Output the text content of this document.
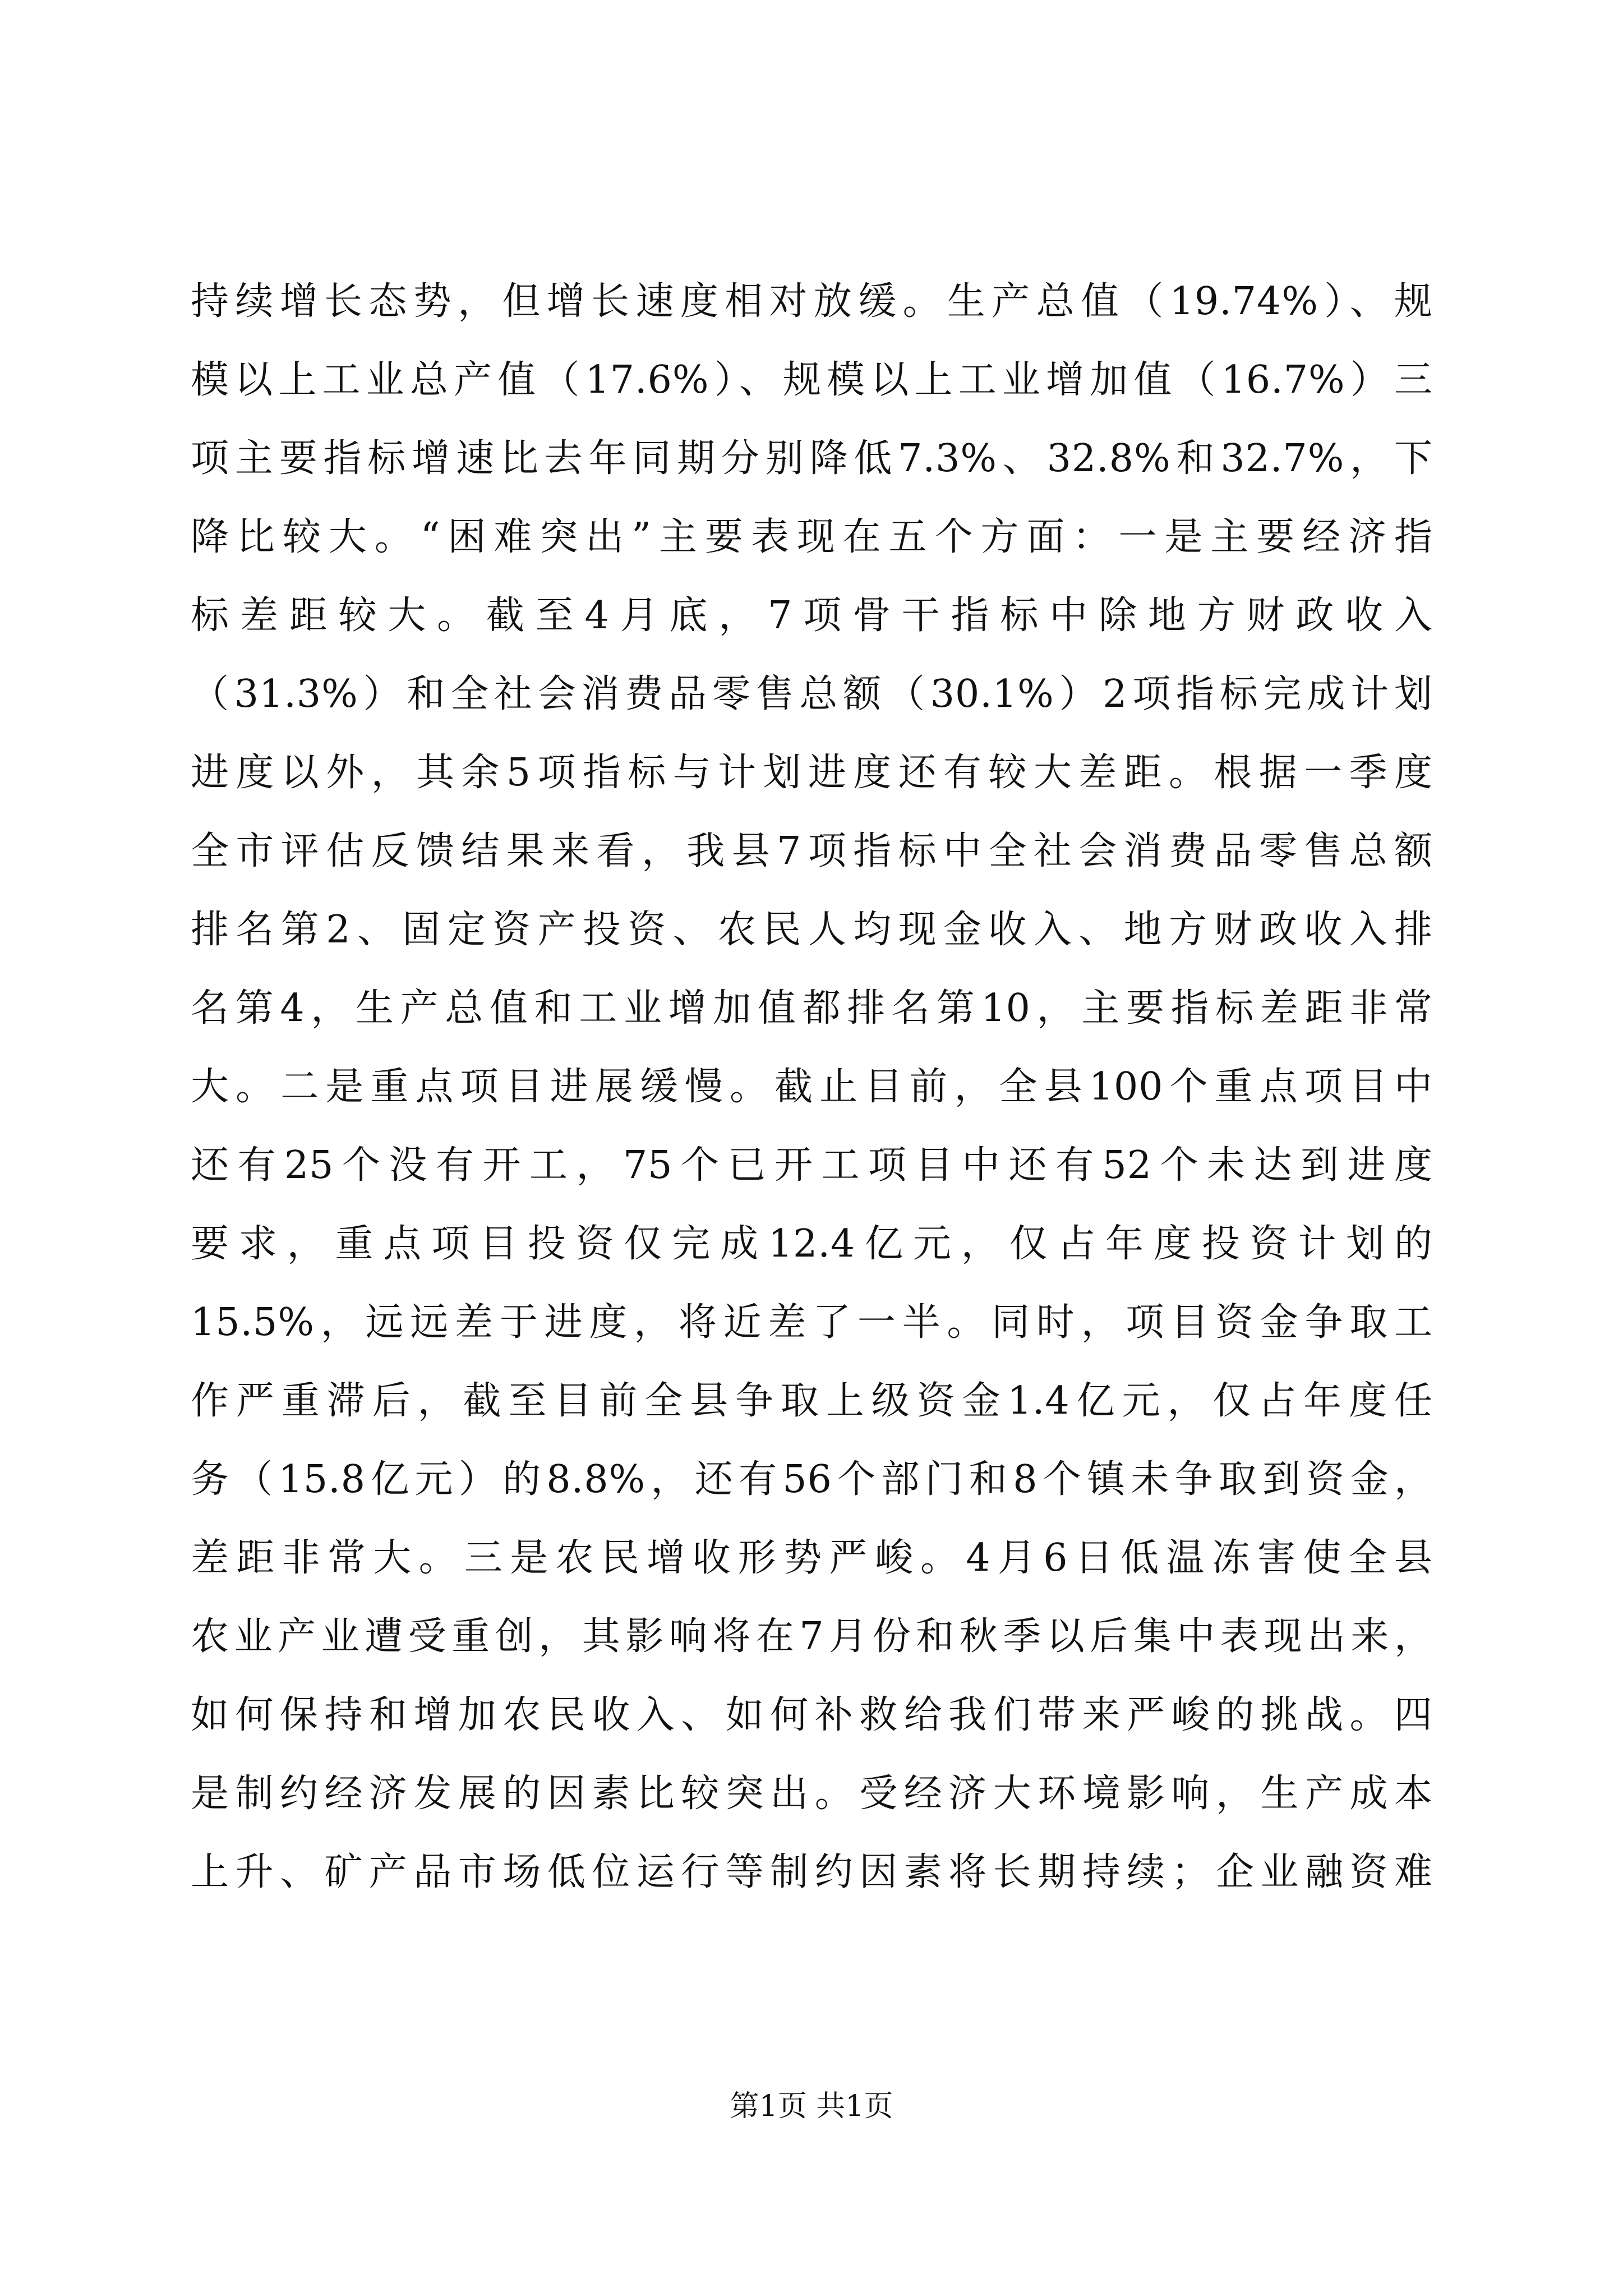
持续增长态势，但增长速度相对放缓。生产总值（19.74%）、规
模以上工业总产值（17.6%）、规模以上工业增加值（16.7%）三
项主要指标增速比去年同期分别降低7.3%、32.8%和32.7%，下
降比较大。“困难突出”主要表现在五个方面：一是主要经济指
标差距较大。截至4月底，7项骨干指标中除地方财政收入
（31.3%）和全社会消费品零售总额（30.1%）2项指标完成计划
进度以外，其余5项指标与计划进度还有较大差距。根据一季度
全市评估反馈结果来看，我县7项指标中全社会消费品零售总额
排名第2、固定资产投资、农民人均现金收入、地方财政收入排
名第4，生产总值和工业增加值都排名第10，主要指标差距非常
大。二是重点项目进展缓慢。截止目前，全县100个重点项目中
还有25个没有开工，75个已开工项目中还有52个未达到进度
要求，重点项目投资仅完成12.4亿元，仅占年度投资计划的
15.5%，远远差于进度，将近差了一半。同时，项目资金争取工
作严重滞后，截至目前全县争取上级资金1.4亿元，仅占年度任
务（15.8亿元）的8.8%，还有56个部门和8个镇未争取到资金，
差距非常大。三是农民增收形势严峻。4月6日低温冻害使全县
农业产业遭受重创，其影响将在7月份和秋季以后集中表现出来，
如何保持和增加农民收入、如何补救给我们带来严峻的挑战。四
是制约经济发展的因素比较突出。受经济大环境影响，生产成本
上升、矿产品市场低位运行等制约因素将长期持续；企业融资难
第1页 共1页
